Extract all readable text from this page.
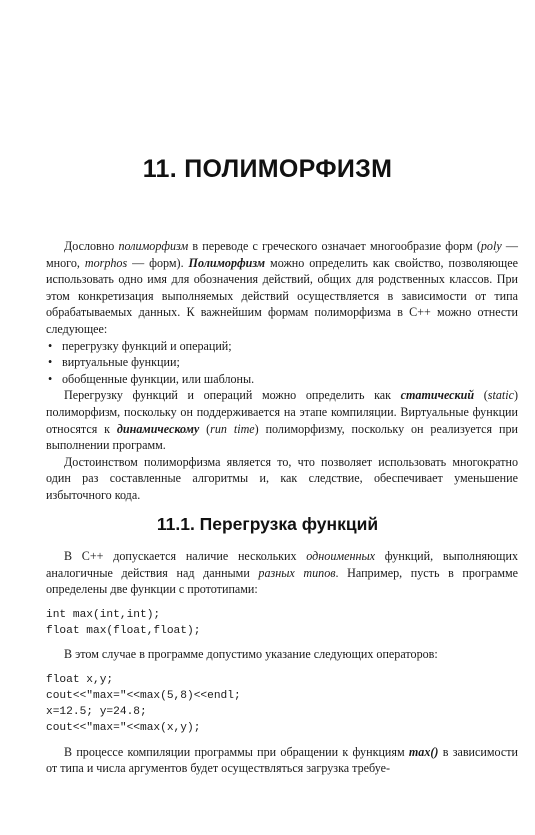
11. ПОЛИМОРФИЗМ

Дословно полиморфизм в переводе с греческого означает многообразие форм (poly — много, morphos — форм). Полиморфизм можно определить как свойство, позволяющее использовать одно имя для обозначения действий, общих для родственных классов. При этом конкретизация выполняемых действий осуществляется в зависимости от типа обрабатываемых данных. К важнейшим формам полиморфизма в C++ можно отнести следующее:

• перегрузку функций и операций;
• виртуальные функции;
• обобщенные функции, или шаблоны.

Перегрузку функций и операций можно определить как статический (static) полиморфизм, поскольку он поддерживается на этапе компиляции. Виртуальные функции относятся к динамическому (run time) полиморфизму, поскольку он реализуется при выполнении программ.

Достоинством полиморфизма является то, что позволяет использовать многократно один раз составленные алгоритмы и, как следствие, обеспечивает уменьшение избыточного кода.

11.1. Перегрузка функций

В C++ допускается наличие нескольких одноименных функций, выполняющих аналогичные действия над данными разных типов. Например, пусть в программе определены две функции с прототипами:

int max(int,int);
float max(float,float);

В этом случае в программе допустимо указание следующих операторов:

float x,y;
cout<<"max="<<max(5,8)<<endl;
x=12.5; y=24.8;
cout<<"max="<<max(x,y);

В процессе компиляции программы при обращении к функциям max() в зависимости от типа и числа аргументов будет осуществляться загрузка требуе-
